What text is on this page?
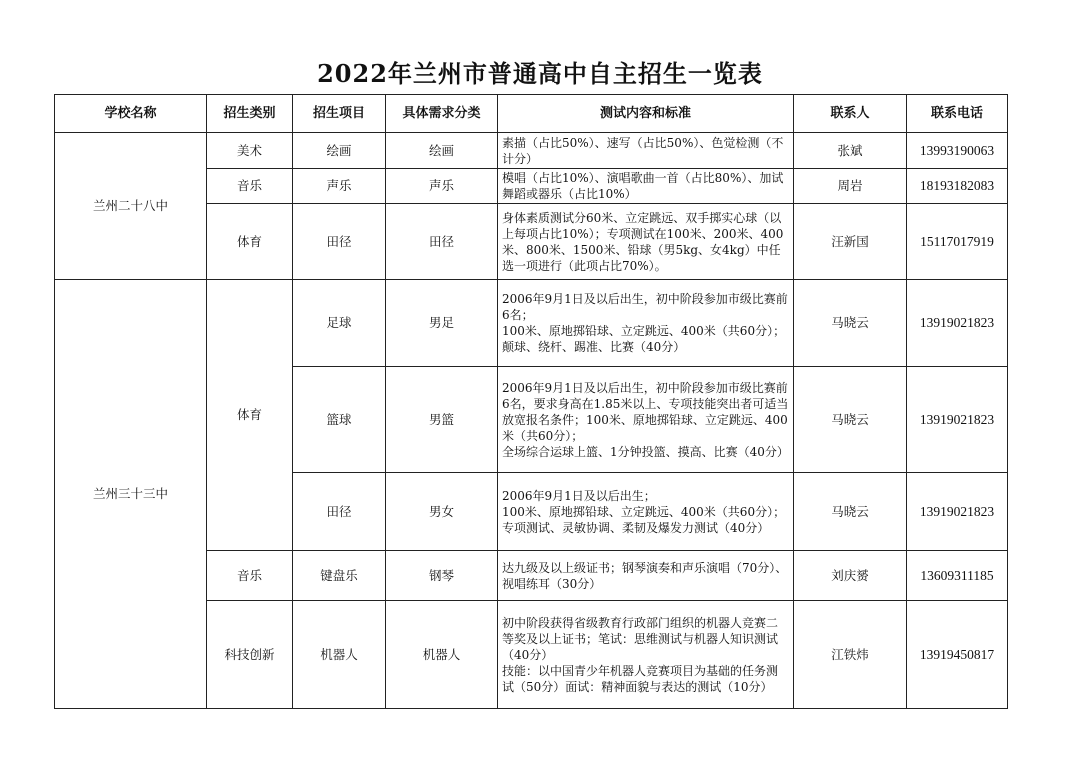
2022年兰州市普通高中自主招生一览表
学校名称	招生类别	招生项目	具体需求分类	测试内容和标准	联系人	联系电话
兰州二十八中	美术	绘画	绘画	素描（占比50%）、速写（占比50%）、色觉检测（不计分）	张斌	13993190063
	音乐	声乐	声乐	模唱（占比10%）、演唱歌曲一首（占比80%）、加试舞蹈或器乐（占比10%）	周岩	18193182083
	体育	田径	田径	身体素质测试分60米、立定跳远、双手掷实心球（以上每项占比10%）；专项测试在100米、200米、400米、800米、1500米、铅球（男5kg、女4kg）中任选一项进行（此项占比70%）。	汪新国	15117017919
兰州三十三中	体育	足球	男足	2006年9月1日及以后出生，初中阶段参加市级比赛前6名；
100米、原地掷铅球、立定跳远、400米（共60分）；
颠球、绕杆、踢准、比赛（40分）	马晓云	13919021823
		篮球	男篮	2006年9月1日及以后出生，初中阶段参加市级比赛前6名，要求身高在1.85米以上、专项技能突出者可适当放宽报名条件；100米、原地掷铅球、立定跳远、400米（共60分）；
全场综合运球上篮、1分钟投篮、摸高、比赛（40分）	马晓云	13919021823
		田径	男女	2006年9月1日及以后出生；
100米、原地掷铅球、立定跳远、400米（共60分）；　　　专项测试、灵敏协调、柔韧及爆发力测试（40分）	马晓云	13919021823
	音乐	键盘乐	钢琴	达九级及以上级证书；钢琴演奏和声乐演唱（70分）、视唱练耳（30分）	刘庆赟	13609311185
	科技创新	机器人	机器人	初中阶段获得省级教育行政部门组织的机器人竞赛二等奖及以上证书；笔试：思维测试与机器人知识测试（40分）
技能：以中国青少年机器人竞赛项目为基础的任务测试（50分）面试：精神面貌与表达的测试（10分）	江铁炜	13919450817
